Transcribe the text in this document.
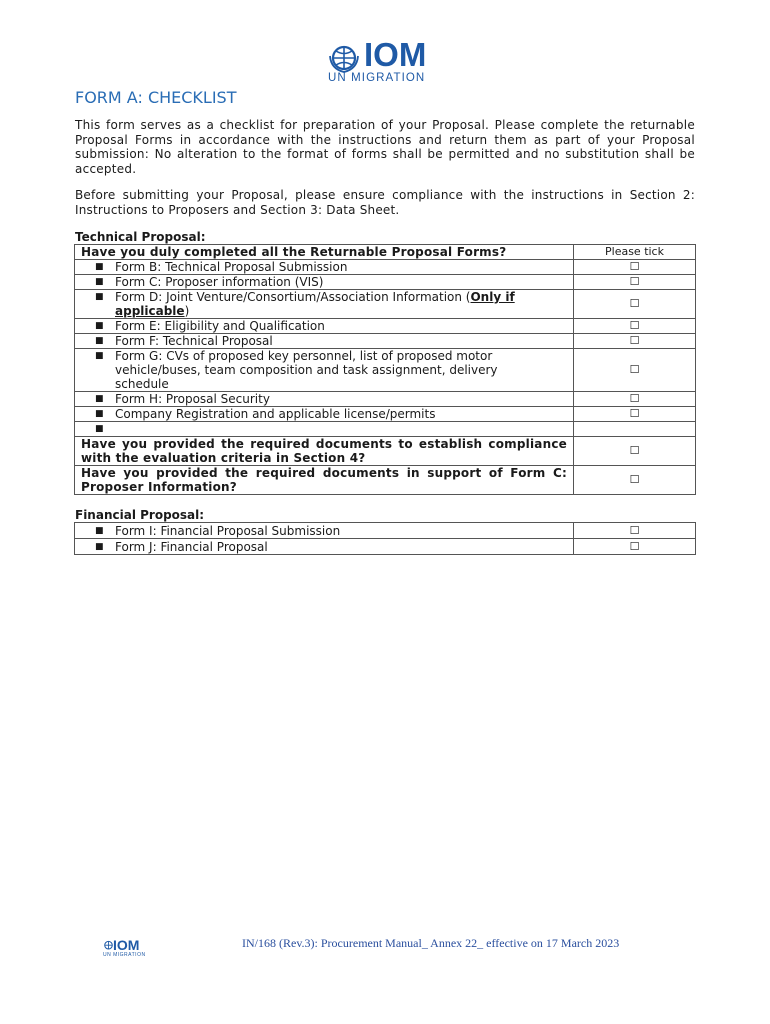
IOM
UN MIGRATION
FORM A: CHECKLIST

This form serves as a checklist for preparation of your Proposal. Please complete the returnable Proposal Forms in accordance with the instructions and return them as part of your Proposal submission: No alteration to the format of forms shall be permitted and no substitution shall be accepted.

Before submitting your Proposal, please ensure compliance with the instructions in Section 2: Instructions to Proposers and Section 3: Data Sheet.

Technical Proposal:

Have you duly completed all the Returnable Proposal Forms?	Please tick

■ Form B: Technical Proposal Submission	☐

■ Form C: Proposer information (VIS)	☐

■ Form D: Joint Venture/Consortium/Association Information (Only if applicable)	☐

■ Form E: Eligibility and Qualification	☐

■ Form F: Technical Proposal	☐

■ Form G: CVs of proposed key personnel, list of proposed motor vehicle/buses, team composition and task assignment, delivery schedule	☐

■ Form H: Proposal Security	☐

■ Company Registration and applicable license/permits	☐

■	

Have you provided the required documents to establish compliance with the evaluation criteria in Section 4?	☐
Have you provided the required documents in support of Form C: Proposer Information?	☐

Financial Proposal:

■ Form I: Financial Proposal Submission	☐

■ Form J: Financial Proposal	☐
IOM
UN MIGRATION
IN/168 (Rev.3): Procurement Manual_ Annex 22_ effective on 17 March 2023
